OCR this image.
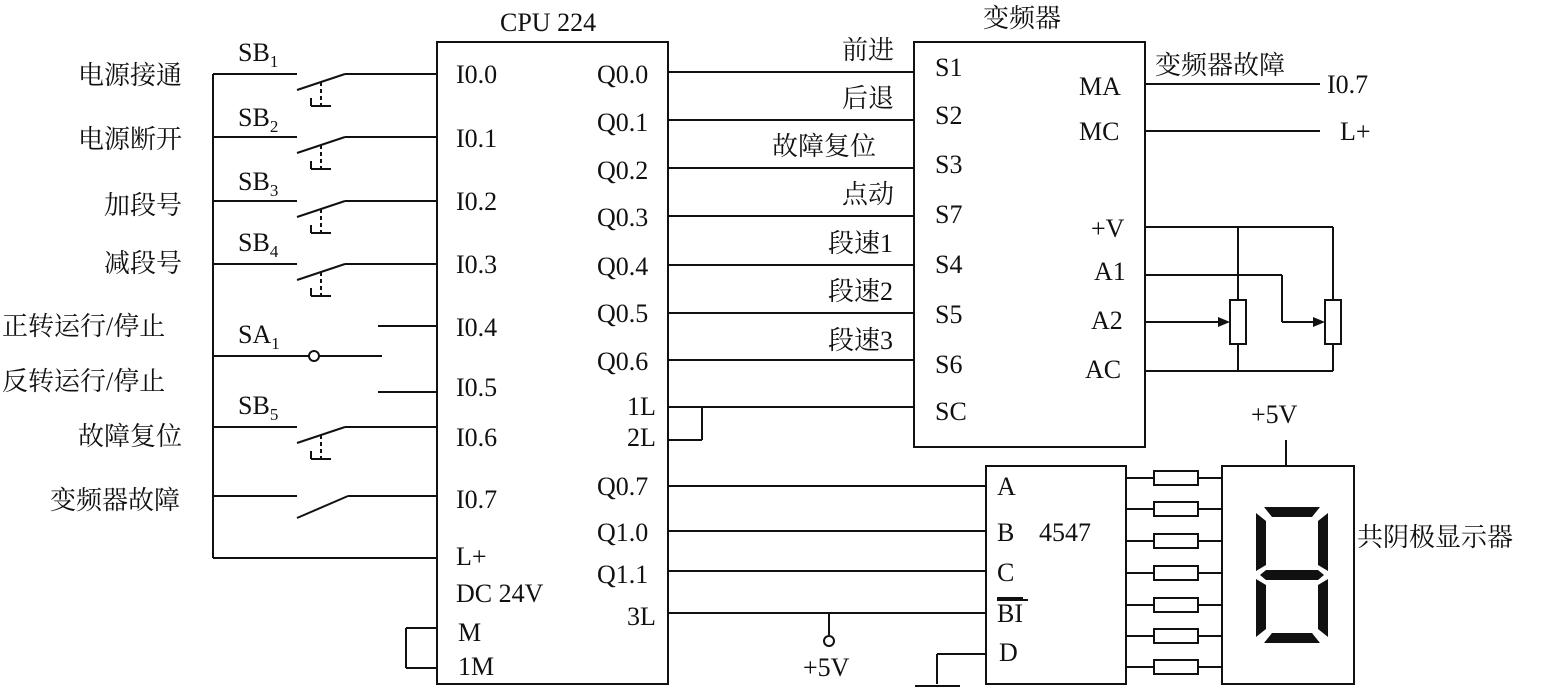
CPU 224
I0.0
I0.1
I0.2
I0.3
I0.4
I0.5
I0.6
I0.7
L+
DC 24V
M
1M
Q0.0
Q0.1
Q0.2
Q0.3
Q0.4
Q0.5
Q0.6
1L
2L
Q0.7
Q1.0
Q1.1
3L
电源接通
电源断开
加段号
减段号
正转运行/停止
反转运行/停止
故障复位
变频器故障
$SB_1$
$SB_2$
$SB_3$
$SB_4$
$SA_1$
$SB_5$
前进
后退
故障复位
点动
段速1
段速2
段速3
变频器
S1
S2
S3
S7
S4
S5
S6
SC
MA
MC
+V
A1
A2
AC
变频器故障
I0.7
L+
4547
A
B
C
BI
D
+5V
+5V
共阴极显示器
